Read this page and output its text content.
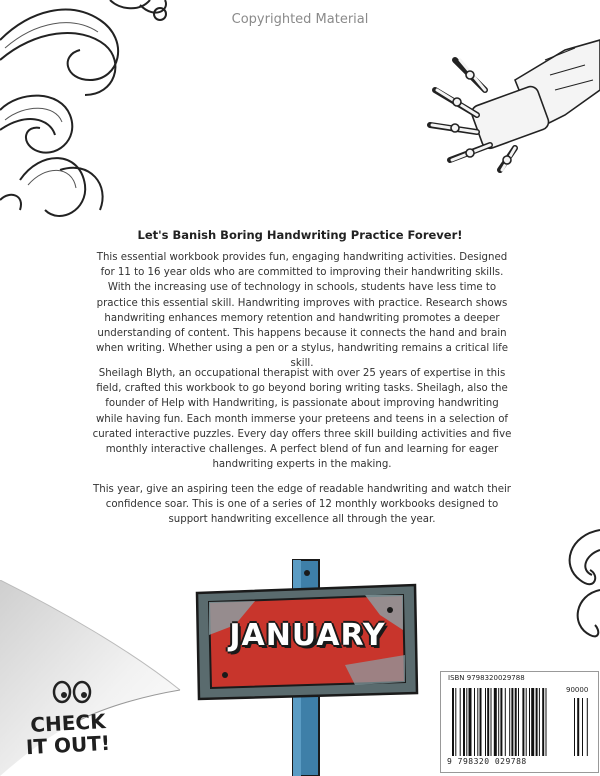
Copyrighted Material
Let's Banish Boring Handwriting Practice Forever!

This essential workbook provides fun, engaging handwriting activities. Designed for 11 to 16 year olds who are committed to improving their handwriting skills. With the increasing use of technology in schools, students have less time to practice this essential skill. Handwriting improves with practice. Research shows handwriting enhances memory retention and handwriting promotes a deeper understanding of content. This happens because it connects the hand and brain when writing. Whether using a pen or a stylus, handwriting remains a critical life skill.

Sheilagh Blyth, an occupational therapist with over 25 years of expertise in this field, crafted this workbook to go beyond boring writing tasks. Sheilagh, also the founder of Help with Handwriting, is passionate about improving handwriting while having fun. Each month immerse your preteens and teens in a selection of curated interactive puzzles. Every day offers three skill building activities and five monthly interactive challenges. A perfect blend of fun and learning for eager handwriting experts in the making.

This year, give an aspiring teen the edge of readable handwriting and watch their confidence soar. This is one of a series of 12 monthly workbooks designed to support handwriting excellence all through the year.

CHECK
IT OUT!
JANUARY
ISBN 9798320029788
90000
9 798320 029788
